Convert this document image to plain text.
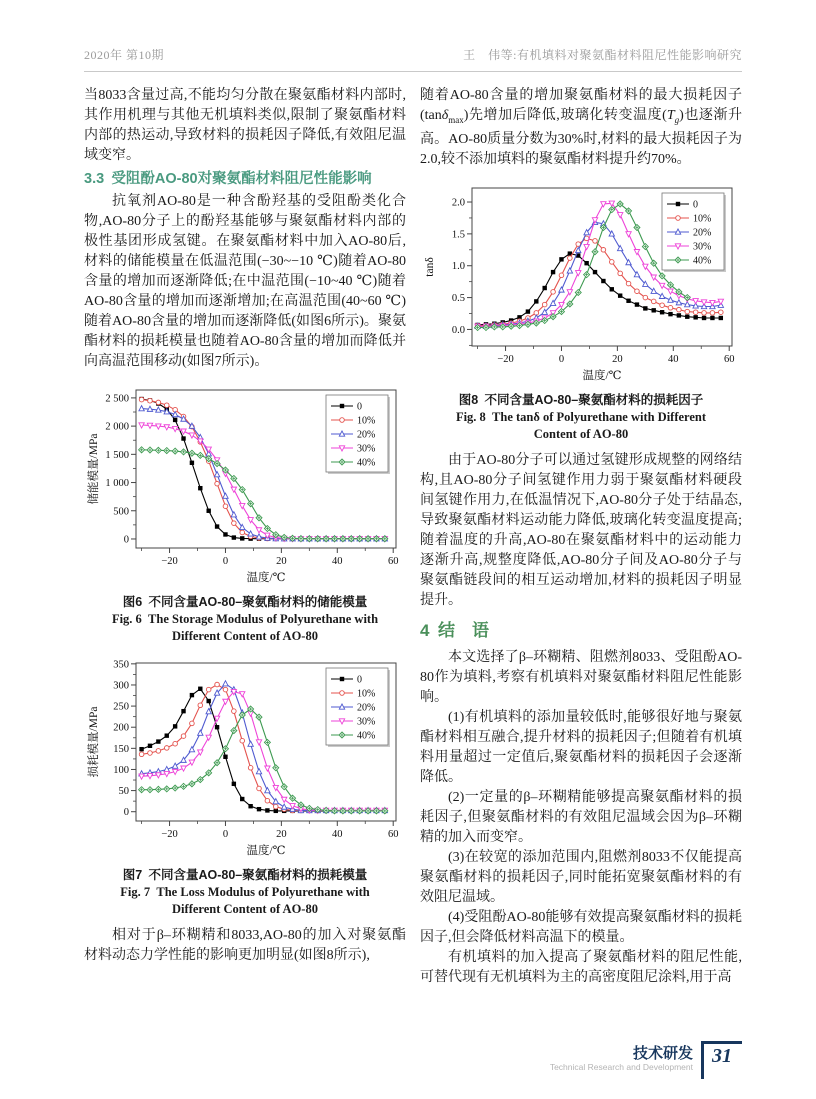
2020年 第10期	王　伟等:有机填料对聚氨酯材料阻尼性能影响研究

当8033含量过高,不能均匀分散在聚氨酯材料内部时,其作用机理与其他无机填料类似,限制了聚氨酯材料内部的热运动,导致材料的损耗因子降低,有效阻尼温域变窄。

3.3 受阻酚AO-80对聚氨酯材料阻尼性能影响

抗氧剂AO-80是一种含酚羟基的受阻酚类化合物,AO-80分子上的酚羟基能够与聚氨酯材料内部的极性基团形成氢键。在聚氨酯材料中加入AO-80后,材料的储能模量在低温范围(−30~−10 ℃)随着AO-80含量的增加而逐渐降低;在中温范围(−10~40 ℃)随着AO-80含量的增加而逐渐增加;在高温范围(40~60 ℃)随着AO-80含量的增加而逐渐降低(如图6所示)。聚氨酯材料的损耗模量也随着AO-80含量的增加而降低并向高温范围移动(如图7所示)。

−20	0	20	40	60
0
500
1 000
1 500
2 000
2 500
温度/℃
储能模量/MPa
0
10%
20%
30%
40%
图6 不同含量AO-80–聚氨酯材料的储能模量
Fig. 6 The Storage Modulus of Polyurethane with Different Content of AO-80
−20	0	20	40	60
0
50
100
150
200
250
300
350
温度/℃
损耗模量/MPa
0
10%
20%
30%
40%
图7 不同含量AO-80–聚氨酯材料的损耗模量
Fig. 7 The Loss Modulus of Polyurethane with Different Content of AO-80

相对于β–环糊精和8033,AO-80的加入对聚氨酯材料动态力学性能的影响更加明显(如图8所示),

随着AO-80含量的增加聚氨酯材料的最大损耗因子(tanδ$_{max}$)先增加后降低,玻璃化转变温度$(T_g)$也逐渐升高。AO-80质量分数为30%时,材料的最大损耗因子为2.0,较不添加填料的聚氨酯材料提升约70%。

−20	0	20	40	60
0.0
0.5
1.0
1.5
2.0
温度/℃
tanδ
0
10%
20%
30%
40%
图8 不同含量AO-80–聚氨酯材料的损耗因子
Fig. 8 The tanδ of Polyurethane with Different Content of AO-80

由于AO-80分子可以通过氢键形成规整的网络结构,且AO-80分子间氢键作用力弱于聚氨酯材料硬段间氢键作用力,在低温情况下,AO-80分子处于结晶态,导致聚氨酯材料运动能力降低,玻璃化转变温度提高;随着温度的升高,AO-80在聚氨酯材料中的运动能力逐渐升高,规整度降低,AO-80分子间及AO-80分子与聚氨酯链段间的相互运动增加,材料的损耗因子明显提升。

4 结 语

本文选择了β–环糊精、阻燃剂8033、受阻酚AO-80作为填料,考察有机填料对聚氨酯材料阻尼性能影响。

(1)有机填料的添加量较低时,能够很好地与聚氨酯材料相互融合,提升材料的损耗因子;但随着有机填料用量超过一定值后,聚氨酯材料的损耗因子会逐渐降低。

(2)一定量的β–环糊精能够提高聚氨酯材料的损耗因子,但聚氨酯材料的有效阻尼温域会因为β–环糊精的加入而变窄。

(3)在较宽的添加范围内,阻燃剂8033不仅能提高聚氨酯材料的损耗因子,同时能拓宽聚氨酯材料的有效阻尼温域。

(4)受阻酚AO-80能够有效提高聚氨酯材料的损耗因子,但会降低材料高温下的模量。

有机填料的加入提高了聚氨酯材料的阻尼性能,可替代现有无机填料为主的高密度阻尼涂料,用于高

技术研发
Technical Research and Development 31
